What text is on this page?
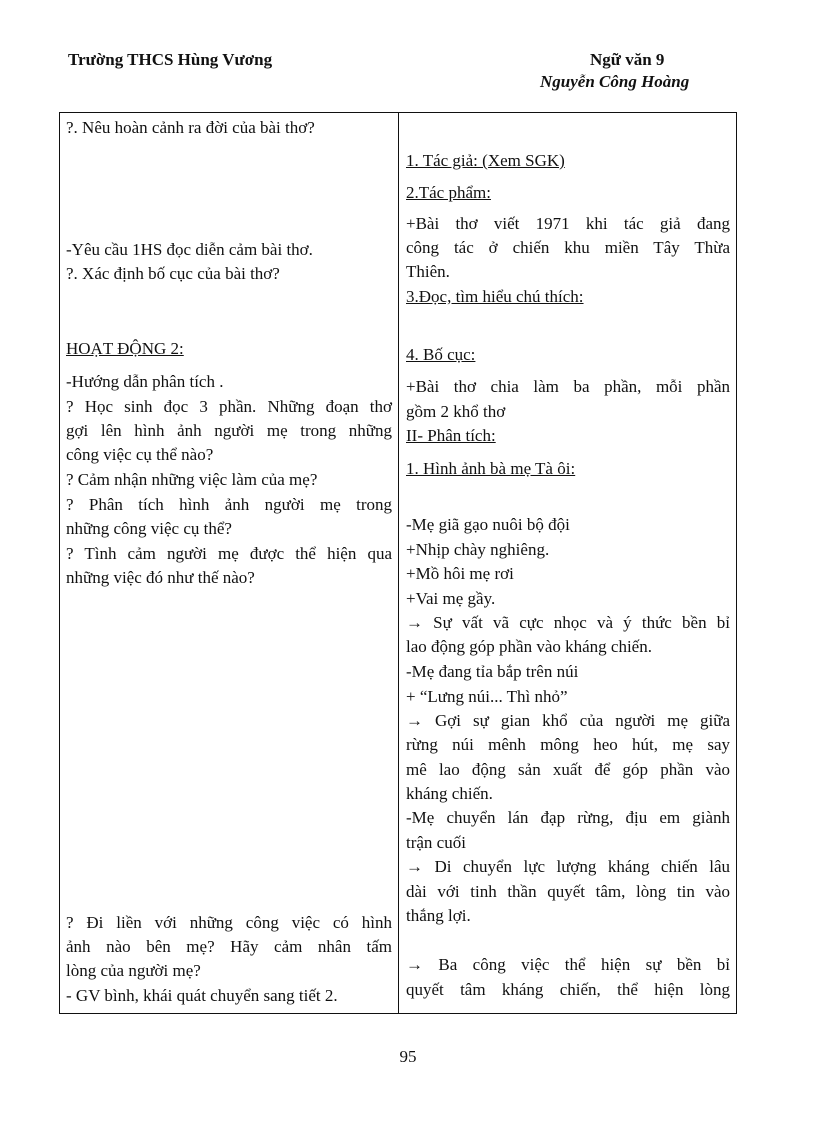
Trường THCS Hùng Vương	Ngữ văn 9
Nguyễn Công Hoàng
?. Nêu hoàn cảnh ra đời của bài thơ?
-Yêu cầu 1HS đọc diễn cảm bài thơ.
?. Xác định bố cục của bài thơ?
HOẠT ĐỘNG 2:
-Hướng dẫn phân tích .
? Học sinh đọc 3 phần. Những đoạn thơ
gợi lên hình ảnh người mẹ trong những
công việc cụ thể nào?
? Cảm nhận những việc làm của mẹ?
? Phân tích hình ảnh người mẹ trong
những công việc cụ thể?
? Tình cảm người mẹ được thể hiện qua
những việc đó như thế nào?
? Đi liền với những công việc có hình
ảnh nào bên mẹ? Hãy cảm nhân tấm
lòng của người mẹ?
- GV bình, khái quát chuyển sang tiết 2.
1. Tác giả: (Xem SGK)
2.Tác phẩm:
+Bài thơ viết 1971 khi tác giả đang
công tác ở chiến khu miền Tây Thừa
Thiên.
3.Đọc, tìm hiểu chú thích:
4. Bố cục:
+Bài thơ chia làm ba phần, mỗi phần
gồm 2 khổ thơ
II- Phân tích:
1. Hình ảnh bà mẹ Tà ôi:
-Mẹ giã gạo nuôi bộ đội
+Nhịp chày nghiêng.
+Mồ hôi mẹ rơi
+Vai mẹ gầy.
→ Sự vất vã cực nhọc và ý thức bền bỉ
lao động góp phần vào kháng chiến.
-Mẹ đang tỉa bắp trên núi
+ “Lưng núi... Thì nhỏ”
→ Gợi sự gian khổ của người mẹ giữa
rừng núi mênh mông heo hút, mẹ say
mê lao động sản xuất để góp phần vào
kháng chiến.
-Mẹ chuyển lán đạp rừng, địu em giành
trận cuối
→ Di chuyển lực lượng kháng chiến lâu
dài với tinh thần quyết tâm, lòng tin vào
thắng lợi.
→ Ba công việc thể hiện sự bền bỉ
quyết tâm kháng chiến, thể hiện lòng
95
